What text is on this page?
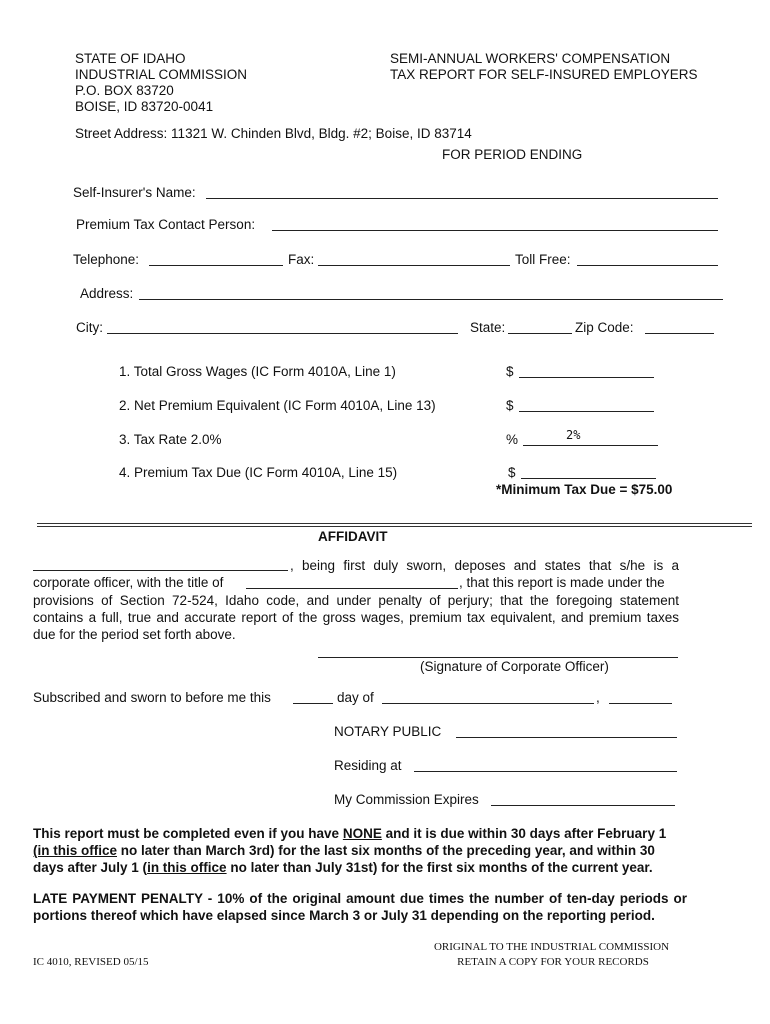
STATE OF IDAHO
INDUSTRIAL COMMISSION
P.O. BOX 83720
BOISE, ID 83720-0041
SEMI-ANNUAL WORKERS' COMPENSATION
TAX REPORT FOR SELF-INSURED EMPLOYERS
Street Address: 11321 W. Chinden Blvd, Bldg. #2; Boise, ID 83714
FOR PERIOD ENDING
Self-Insurer's Name:
Premium Tax Contact Person:
Telephone:	Fax:	Toll Free:
Address:
City:	State:	Zip Code:
1. Total Gross Wages (IC Form 4010A, Line 1)	$
2. Net Premium Equivalent (IC Form 4010A, Line 13)	$
3. Tax Rate 2.0%	%	2%
4. Premium Tax Due (IC Form 4010A, Line 15)	$
*Minimum Tax Due = $75.00
AFFIDAVIT
, being first duly sworn, deposes and states that s/he is a
corporate officer, with the title of	, that this report is made under the
provisions of Section 72-524, Idaho code, and under penalty of perjury; that the foregoing statement contains a full, true and accurate report of the gross wages, premium tax equivalent, and premium taxes due for the period set forth above.
(Signature of Corporate Officer)
Subscribed and sworn to before me this	day of	,
NOTARY PUBLIC
Residing at
My Commission Expires
This report must be completed even if you have NONE and it is due within 30 days after February 1
(in this office no later than March 3rd) for the last six months of the preceding year, and within 30
days after July 1 (in this office no later than July 31st) for the first six months of the current year.
LATE PAYMENT PENALTY - 10% of the original amount due times the number of ten-day periods or portions thereof which have elapsed since March 3 or July 31 depending on the reporting period.
IC 4010, REVISED 05/15
ORIGINAL TO THE INDUSTRIAL COMMISSION
RETAIN A COPY FOR YOUR RECORDS
